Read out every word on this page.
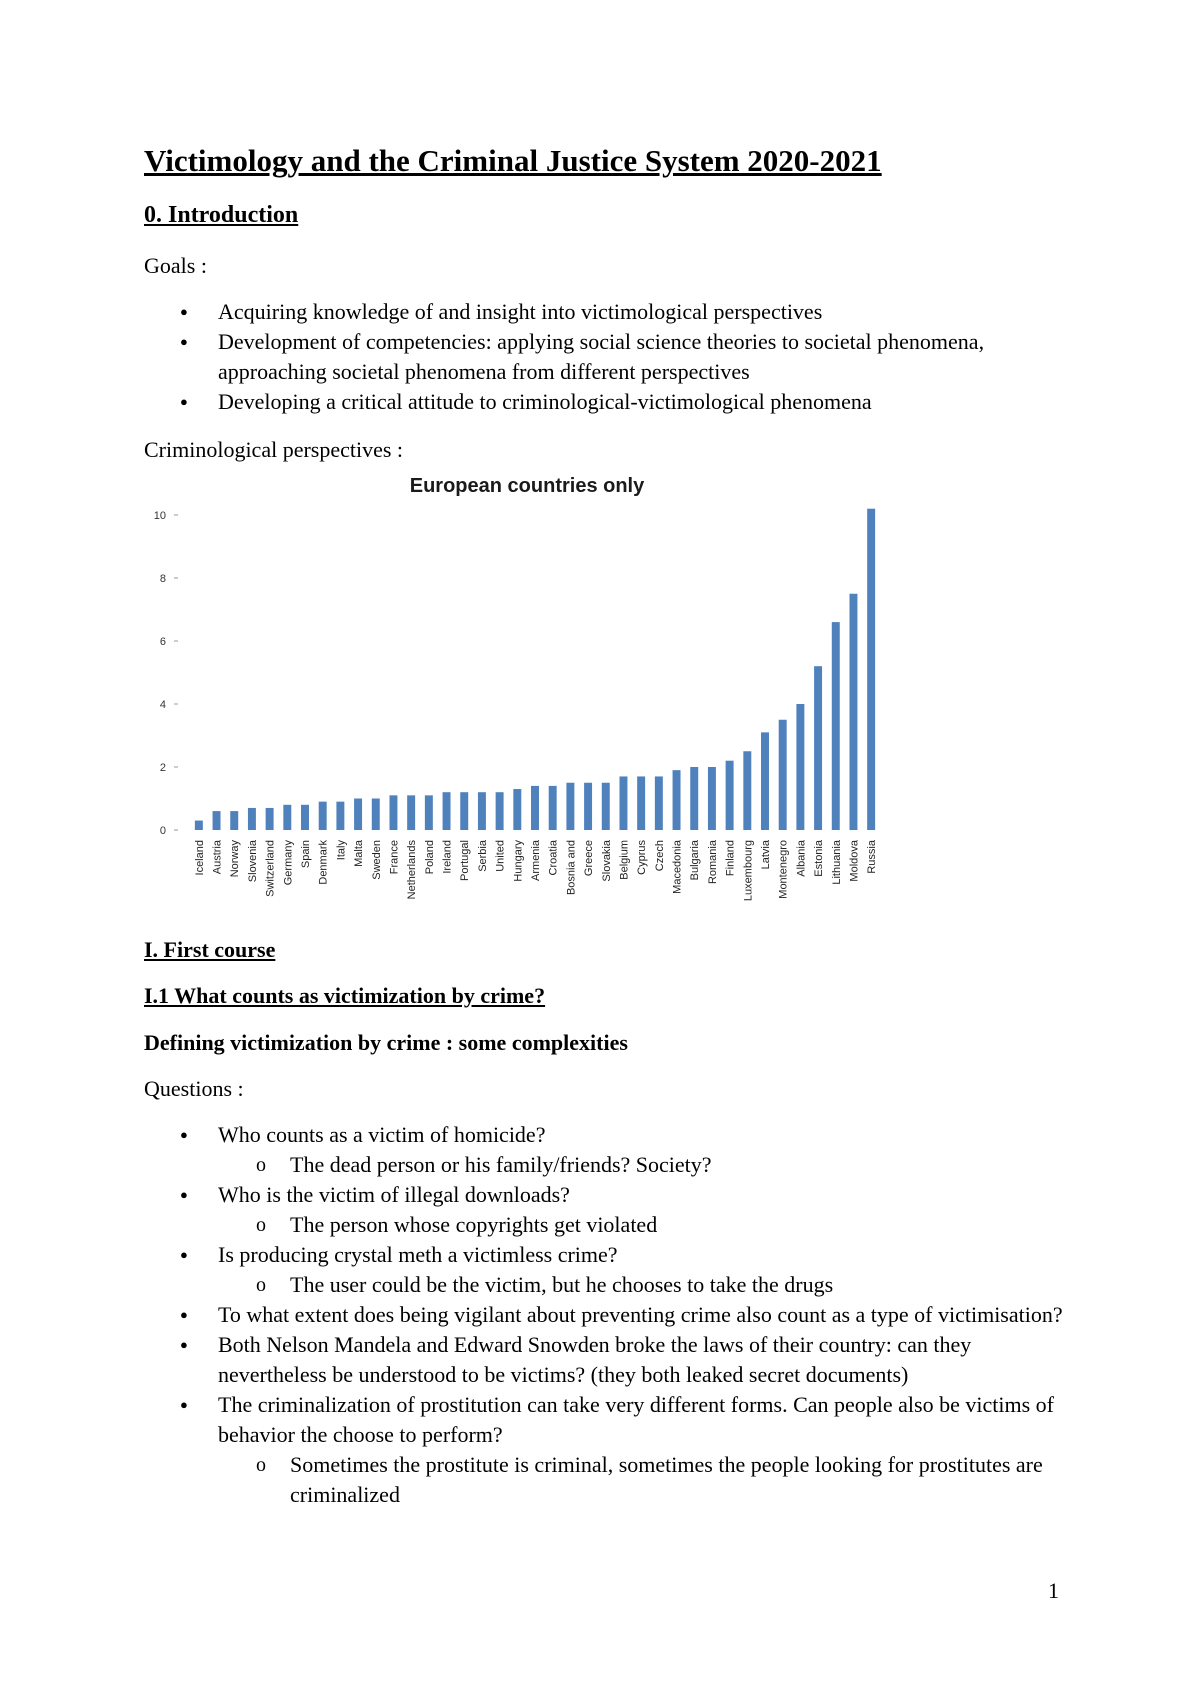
Victimology and the Criminal Justice System 2020-2021
0. Introduction

Goals :

● Acquiring knowledge of and insight into victimological perspectives
● Development of competencies: applying social science theories to societal phenomena, approaching societal phenomena from different perspectives
● Developing a critical attitude to criminological-victimological phenomena

Criminological perspectives :

European countries only
0
2
4
6
8
10
Iceland Austria Norway Slovenia Switzerland Germany Spain Denmark Italy Malta Sweden France Netherlands Poland Ireland Portugal Serbia United Hungary Armenia Croatia Bosnia and Greece Slovakia Belgium Cyprus Czech Macedonia Bulgaria Romania Finland Luxembourg Latvia Montenegro Albania Estonia Lithuania Moldova Russia
I. First course
I.1 What counts as victimization by crime?
Defining victimization by crime : some complexities

Questions :

● Who counts as a victim of homicide?
o The dead person or his family/friends? Society?
● Who is the victim of illegal downloads?
o The person whose copyrights get violated
● Is producing crystal meth a victimless crime?
o The user could be the victim, but he chooses to take the drugs
● To what extent does being vigilant about preventing crime also count as a type of victimisation?
● Both Nelson Mandela and Edward Snowden broke the laws of their country: can they nevertheless be understood to be victims? (they both leaked secret documents)
● The criminalization of prostitution can take very different forms. Can people also be victims of behavior the choose to perform?
o Sometimes the prostitute is criminal, sometimes the people looking for prostitutes are criminalized
1
